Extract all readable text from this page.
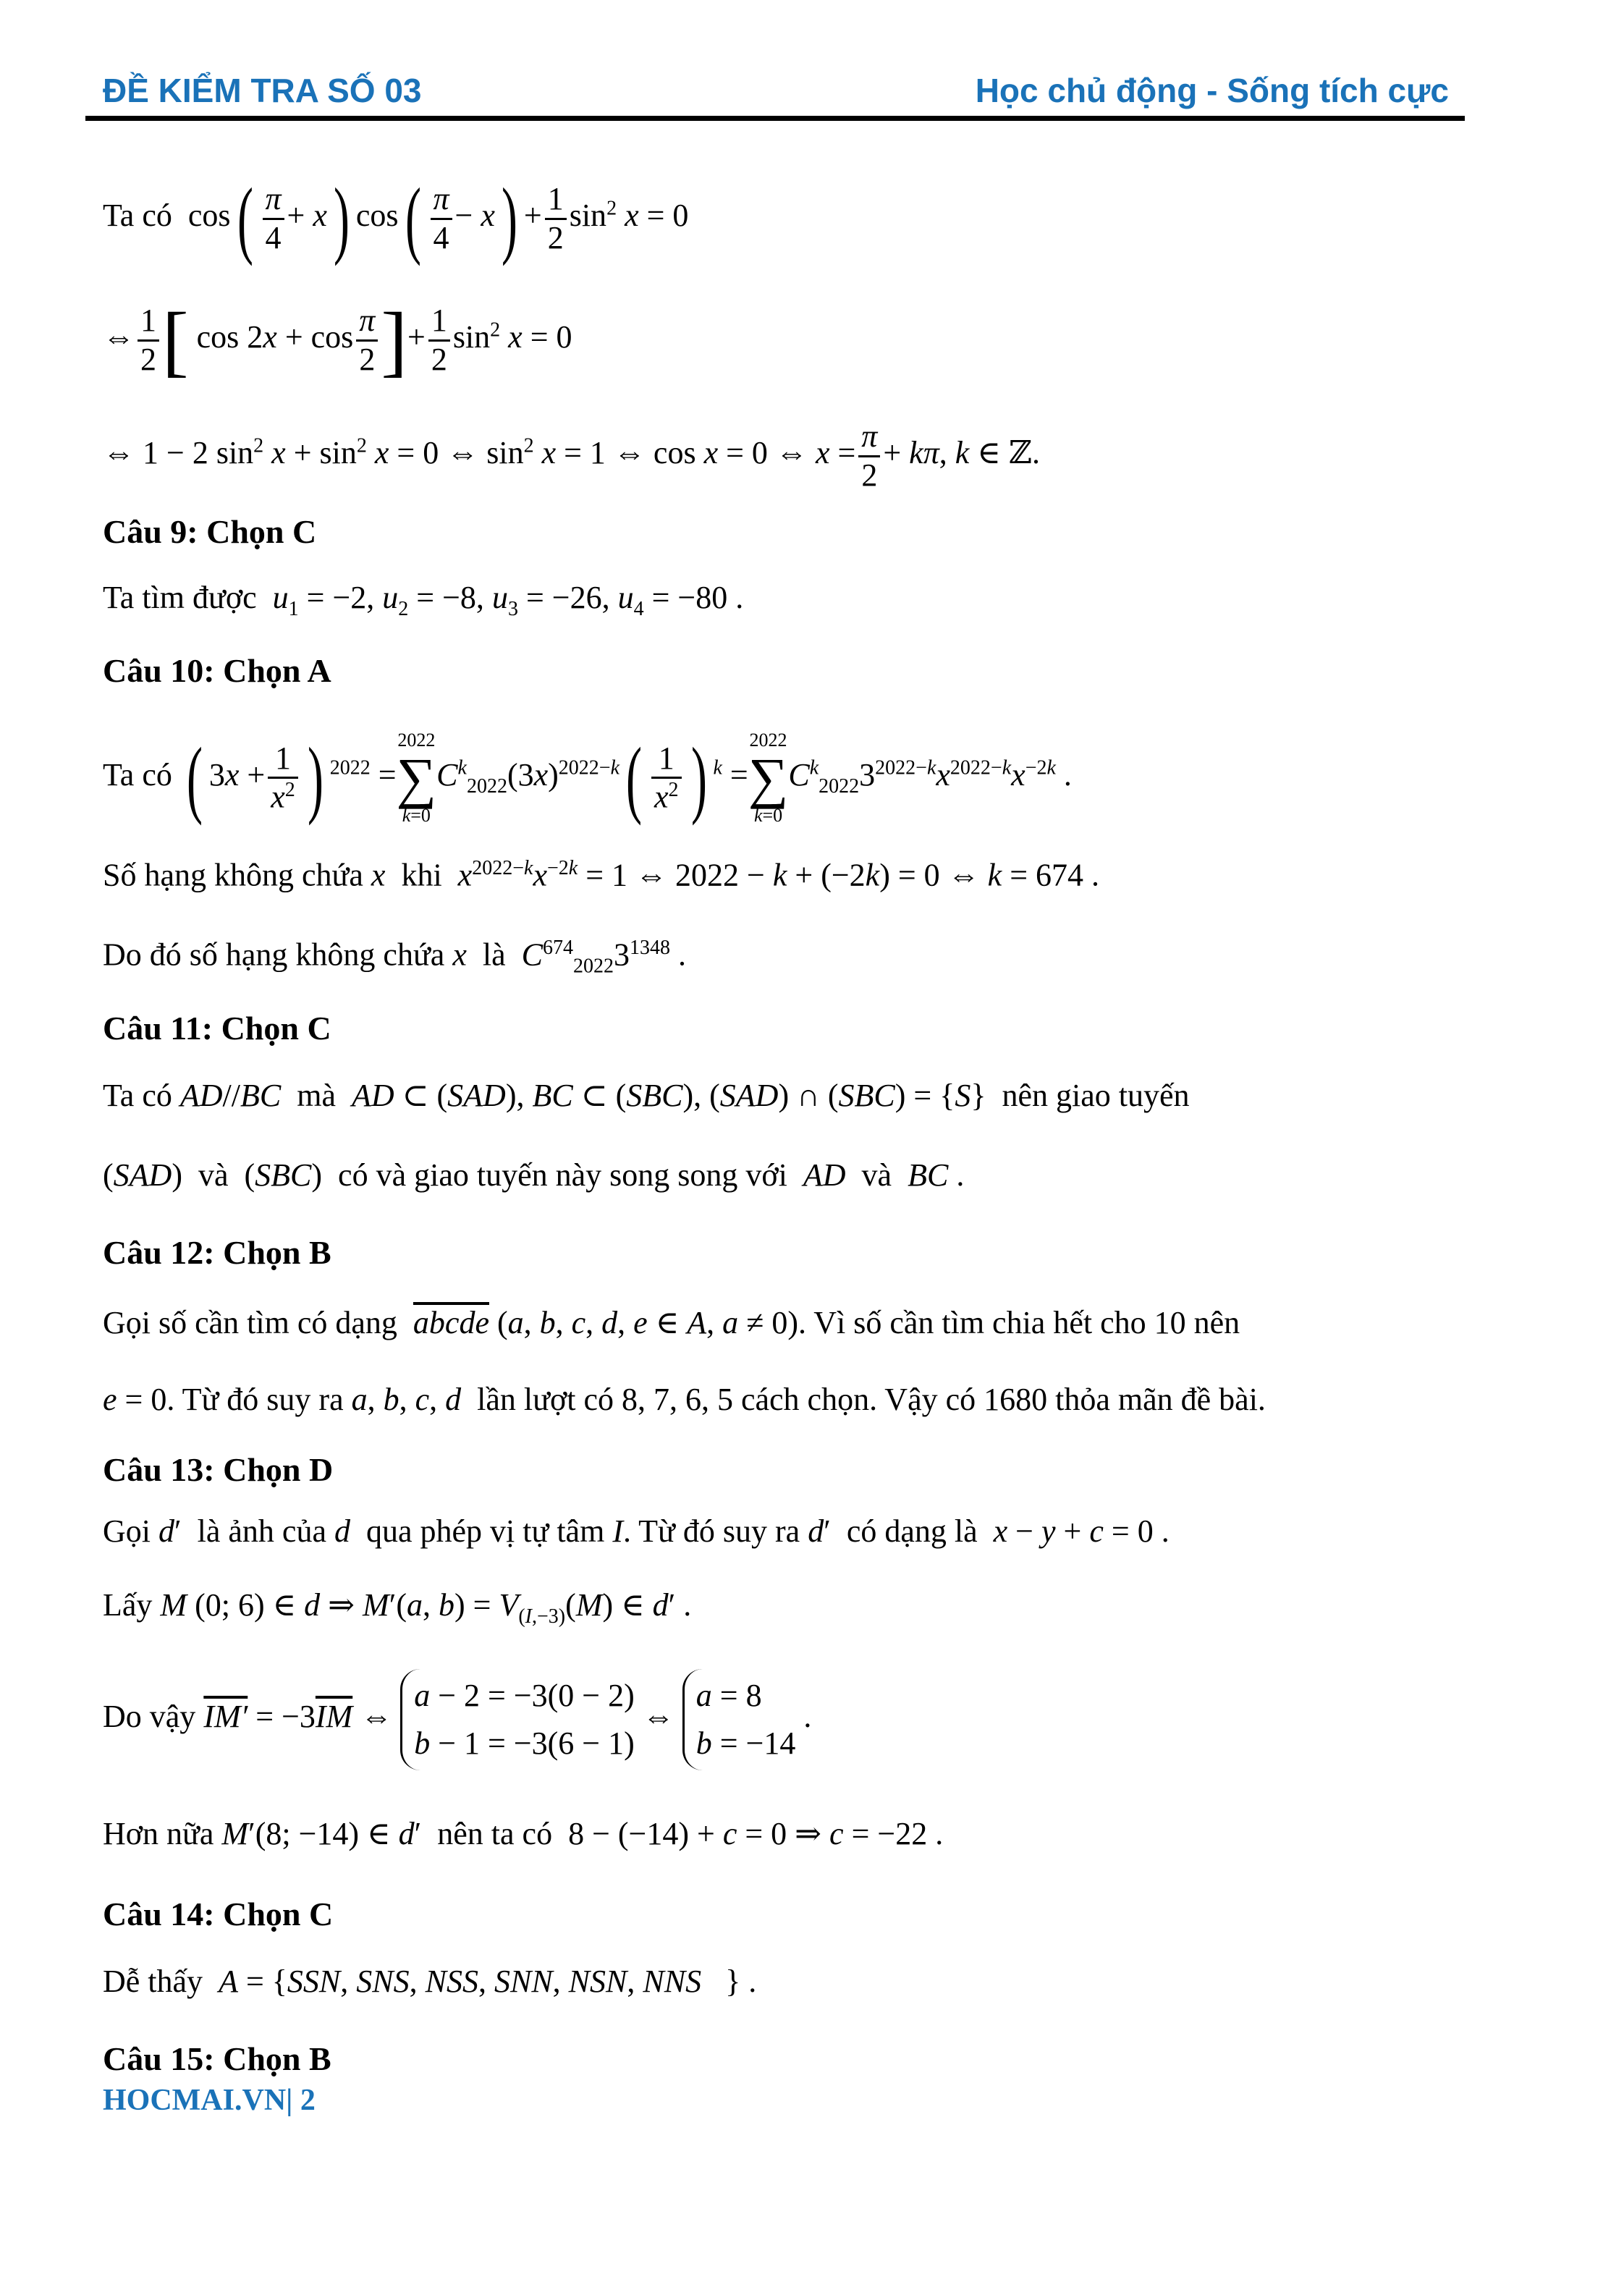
ĐỀ KIỂM TRA SỐ 03	Học chủ động - Sống tích cực
Ta có  $\cos( \frac{\pi}{4} + x)$ $\cos( \frac{\pi}{4} - x) + \frac{1}{2} \sin^2 x = 0$
⇔ $\frac{1}{2}$ [ $\cos 2x + \cos \frac{\pi}{2}$ ]+ $\frac{1}{2} \sin^2 x = 0$
⇔ 1 − 2 $\sin^2 x + \sin^2 x = 0$ ⇔ $\sin^2 x = 1$ ⇔ cos x = 0 ⇔ $x = \frac{\pi}{2} + k\pi$, k ∈ ℤ.
Câu 9: Chọn C
Ta tìm được $u_1 = -2$, $u_2 = -8$, $u_3 = -26$, $u_4 = -80$ .
Câu 10: Chọn A
Ta có ( $3x + \frac{1}{x^2}$ ) $^{2022}$ =
2022
∑
k=0
$C^k_{2022}(3x)^{2022-k}( \frac{1}{x^2}$ ) $^k$ =
2022
∑
k=0
$C^k_{2022}3^{2022-k}x^{2022-k}x^{-2k}$ .
Số hạng không chứa x khi $x^{2022-k}x^{-2k} = 1$ ⇔ 2022 − k + (−2k) = 0 ⇔ k = 674 .
Do đó số hạng không chứa x là $C^{674}_{2022}3^{1348}$ .
Câu 11: Chọn C
Ta có AD//BC mà AD ⊂ (SAD), BC ⊂ (SBC), (SAD) ∩ (SBC) = {S}  nên giao tuyến
(SAD)  và  (SBC)  có và giao tuyến này song song với AD và BC .
Câu 12: Chọn B
Gọi số cần tìm có dạng abcde (a, b, c, d, e ∈ A, a ≠ 0). Vì số cần tìm chia hết cho 10 nên
e = 0. Từ đó suy ra a, b, c, d lần lượt có 8, 7, 6, 5 cách chọn. Vậy có 1680 thỏa mãn đề bài.
Câu 13: Chọn D
Gọi d′  là ảnh của d qua phép vị tự tâm I. Từ đó suy ra d′  có dạng là x − y + c = 0 .
Lấy M (0; 6) ∈ d ⇒ M′(a, $b) = V_{(I,-3)}(M)$ ∈ d′ .
Do vậy $IM' = -3\overline{IM}$ ⇔
a − 2 = −3(0 − 2)
b − 1 = −3(6 − 1)
⇔
a = 8
b = −14
.
Hơn nữa M′(8; −14) ∈ d′  nên ta có  8 − (−14) + c = 0 ⇒ c = −22 .
Câu 14: Chọn C
Dễ thấy A = {SSN, SNS, NSS, SNN, NSN, NNS   } .
Câu 15: Chọn B
HOCMAI.VN| 2
